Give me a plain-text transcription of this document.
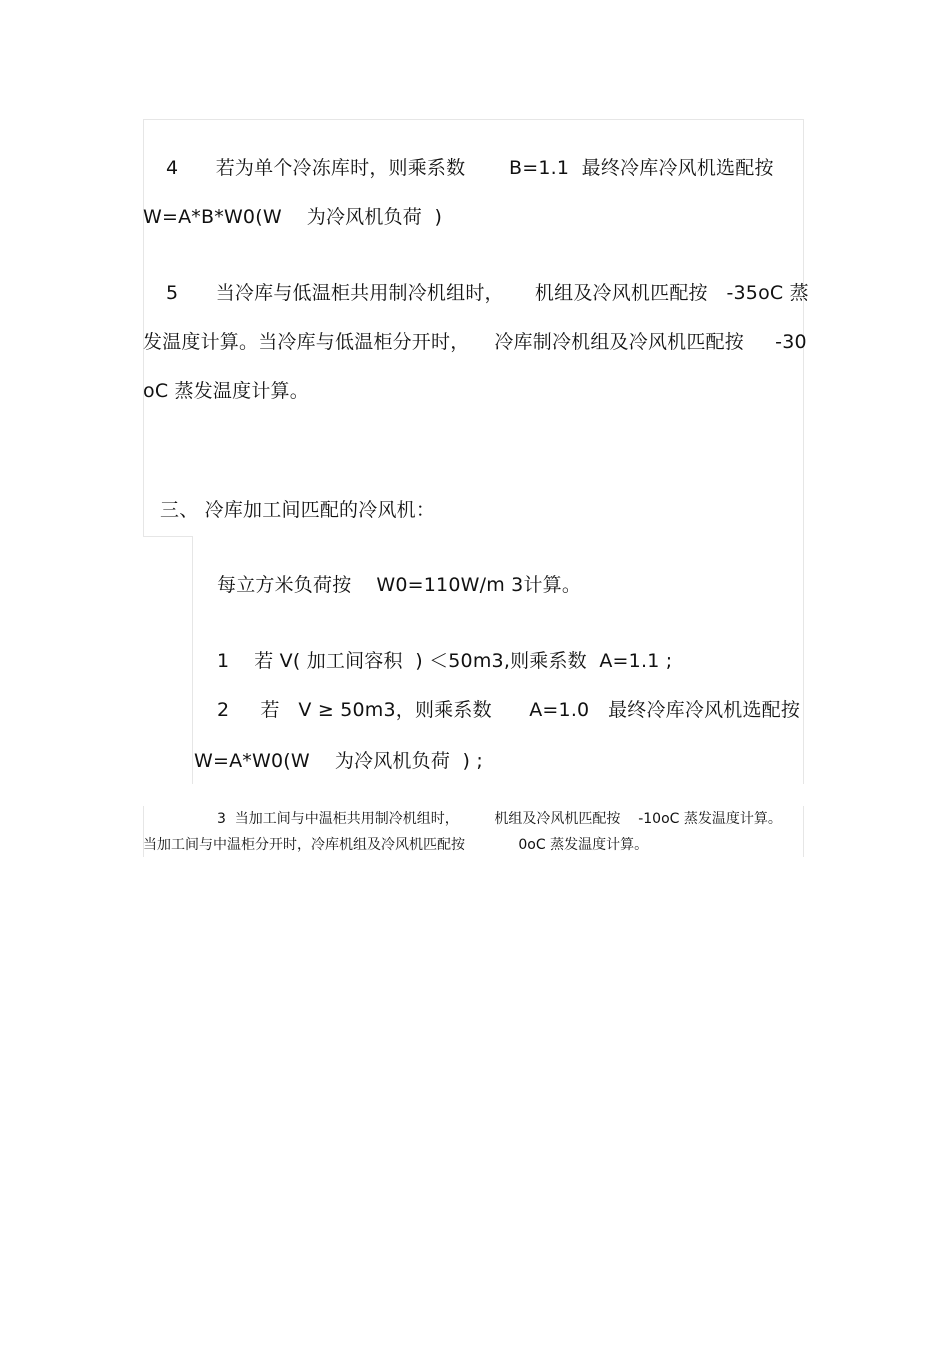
4      若为单个冷冻库时，则乘系数       B=1.1  最终冷库冷风机选配按
W=A*B*W0(W    为冷风机负荷  )
5      当冷库与低温柜共用制冷机组时，     机组及冷风机匹配按   -35oC 蒸
发温度计算。当冷库与低温柜分开时，    冷库制冷机组及冷风机匹配按     -30
oC 蒸发温度计算。
三、 冷库加工间匹配的冷风机：
每立方米负荷按    W0=110W/m 3计算。
1    若 V( 加工间容积  ) ＜50m3,则乘系数  A=1.1 ;
2     若   V ≥ 50m3，则乘系数      A=1.0   最终冷库冷风机选配按
W=A*W0(W    为冷风机负荷  ) ;
3  当加工间与中温柜共用制冷机组时，        机组及冷风机匹配按    -10oC 蒸发温度计算。
当加工间与中温柜分开时，冷库机组及冷风机匹配按            0oC 蒸发温度计算。
